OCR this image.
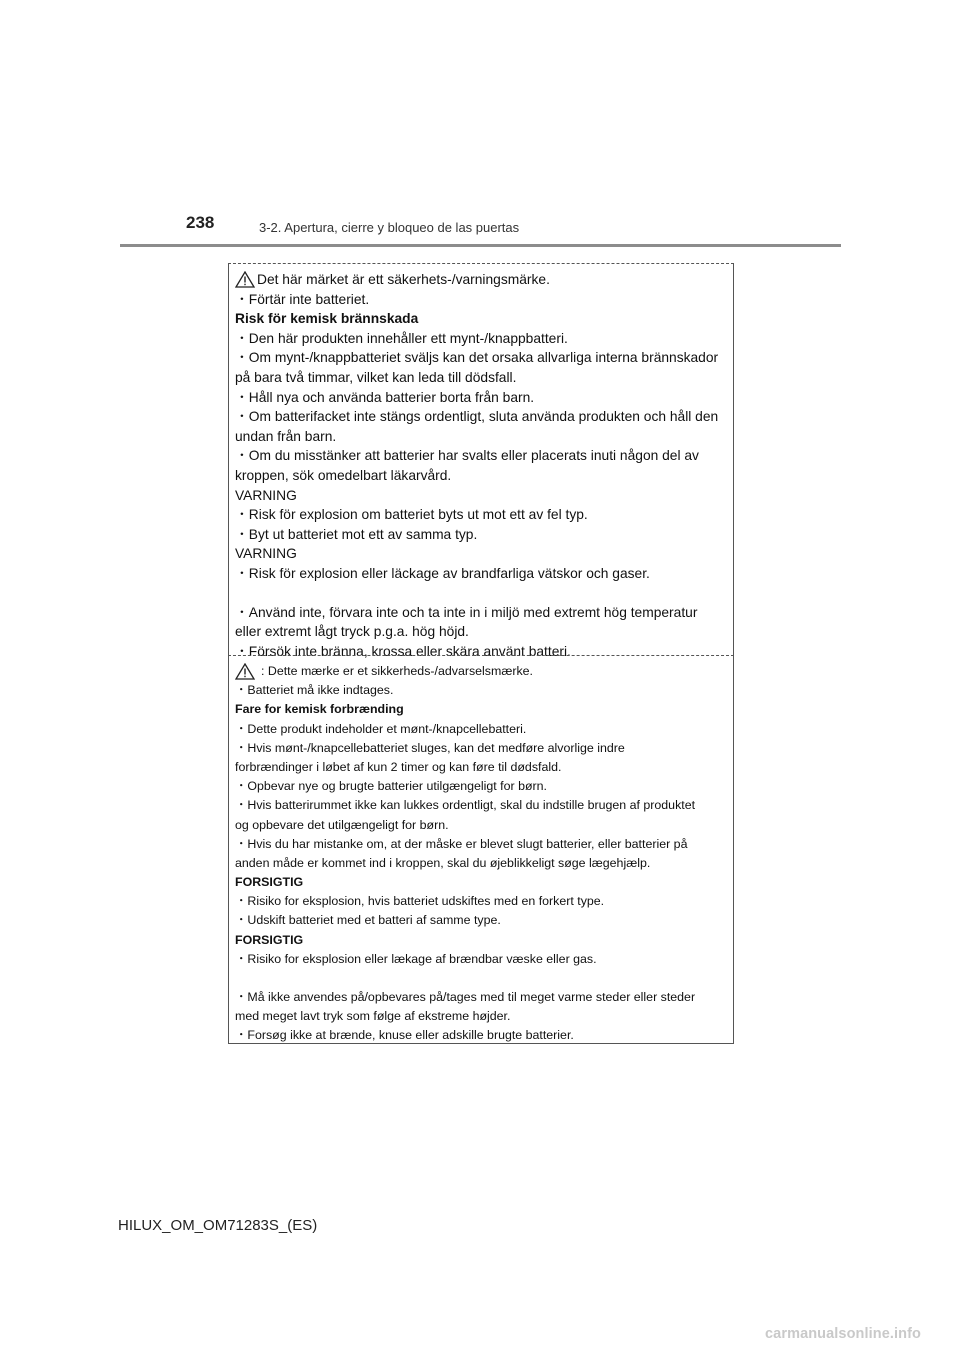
238	3-2. Apertura, cierre y bloqueo de las puertas
Det här märket är ett säkerhets-/varningsmärke.
・Förtär inte batteriet.
Risk för kemisk brännskada
・Den här produkten innehåller ett mynt-/knappbatteri.
・Om mynt-/knappbatteriet sväljs kan det orsaka allvarliga interna brännskador
på bara två timmar, vilket kan leda till dödsfall.
・Håll nya och använda batterier borta från barn.
・Om batterifacket inte stängs ordentligt, sluta använda produkten och håll den
undan från barn.
・Om du misstänker att batterier har svalts eller placerats inuti någon del av
kroppen, sök omedelbart läkarvård.
VARNING
・Risk för explosion om batteriet byts ut mot ett av fel typ.
・Byt ut batteriet mot ett av samma typ.
VARNING
・Risk för explosion eller läckage av brandfarliga vätskor och gaser.
・Använd inte, förvara inte och ta inte in i miljö med extremt hög temperatur
eller extremt lågt tryck p.g.a. hög höjd.
・Försök inte bränna, krossa eller skära använt batteri.
: Dette mærke er et sikkerheds-/advarselsmærke.
・Batteriet må ikke indtages.
Fare for kemisk forbrænding
・Dette produkt indeholder et mønt-/knapcellebatteri.
・Hvis mønt-/knapcellebatteriet sluges, kan det medføre alvorlige indre
forbrændinger i løbet af kun 2 timer og kan føre til dødsfald.
・Opbevar nye og brugte batterier utilgængeligt for børn.
・Hvis batterirummet ikke kan lukkes ordentligt, skal du indstille brugen af produktet
og opbevare det utilgængeligt for børn.
・Hvis du har mistanke om, at der måske er blevet slugt batterier, eller batterier på
anden måde er kommet ind i kroppen, skal du øjeblikkeligt søge lægehjælp.
FORSIGTIG
・Risiko for eksplosion, hvis batteriet udskiftes med en forkert type.
・Udskift batteriet med et batteri af samme type.
FORSIGTIG
・Risiko for eksplosion eller lækage af brændbar væske eller gas.
・Må ikke anvendes på/opbevares på/tages med til meget varme steder eller steder
med meget lavt tryk som følge af ekstreme højder.
・Forsøg ikke at brænde, knuse eller adskille brugte batterier.
HILUX_OM_OM71283S_(ES)
carmanualsonline.info
